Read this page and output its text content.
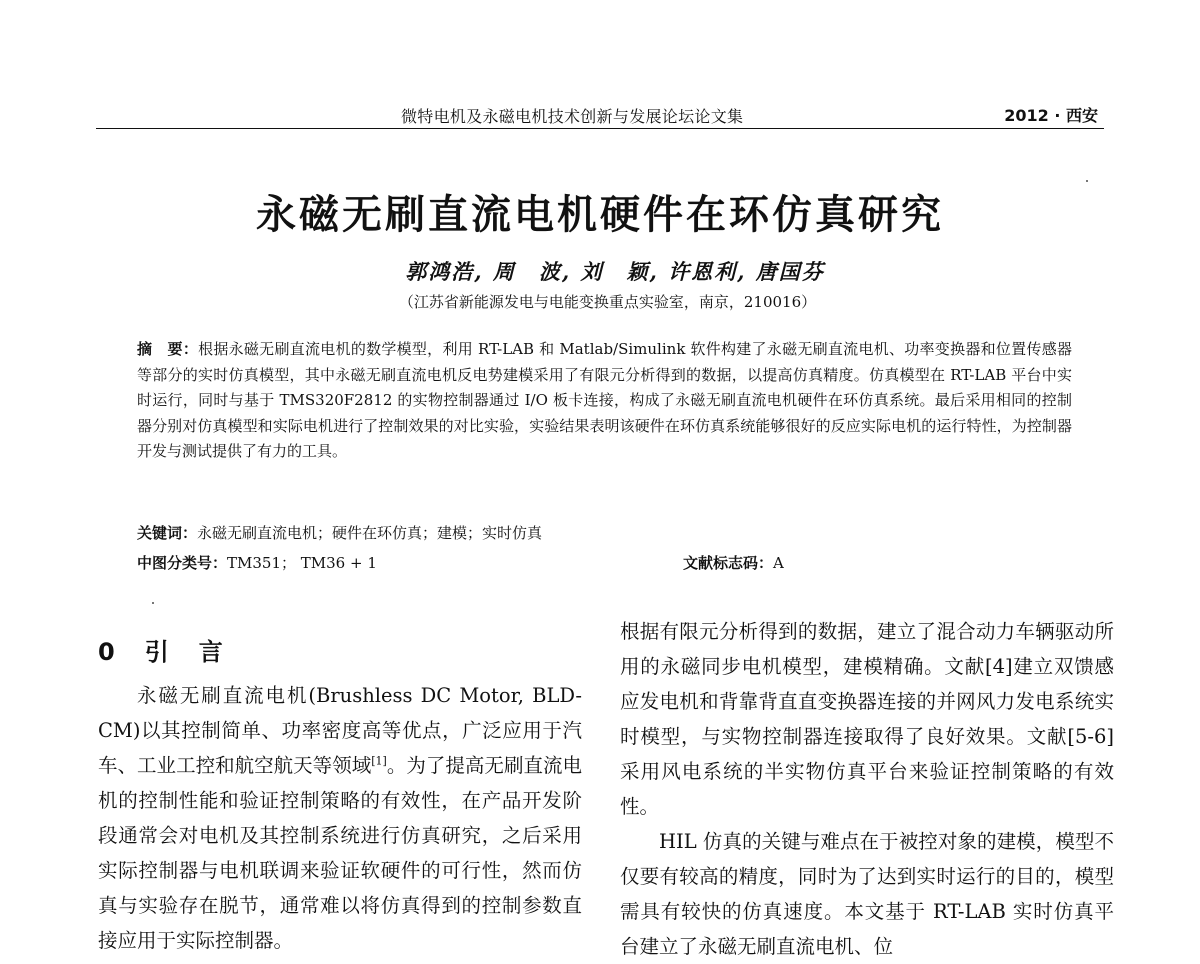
微特电机及永磁电机技术创新与发展论坛论文集	2012 · 西安
永磁无刷直流电机硬件在环仿真研究
郭鸿浩, 周　波, 刘　颖, 许恩利, 唐国芬
（江苏省新能源发电与电能变换重点实验室，南京，210016）
摘　要：根据永磁无刷直流电机的数学模型，利用 RT-LAB 和 Matlab/Simulink 软件构建了永磁无刷直流电机、功率变换器和位置传感器等部分的实时仿真模型，其中永磁无刷直流电机反电势建模采用了有限元分析得到的数据，以提高仿真精度。仿真模型在 RT-LAB 平台中实时运行，同时与基于 TMS320F2812 的实物控制器通过 I/O 板卡连接，构成了永磁无刷直流电机硬件在环仿真系统。最后采用相同的控制器分别对仿真模型和实际电机进行了控制效果的对比实验，实验结果表明该硬件在环仿真系统能够很好的反应实际电机的运行特性，为控制器开发与测试提供了有力的工具。
关键词：永磁无刷直流电机；硬件在环仿真；建模；实时仿真
中图分类号：TM351； TM36 + 1	文献标志码：A
0 引 言

永磁无刷直流电机(Brushless DC Motor, BLD-CM)以其控制简单、功率密度高等优点，广泛应用于汽车、工业工控和航空航天等领域[1]。为了提高无刷直流电机的控制性能和验证控制策略的有效性，在产品开发阶段通常会对电机及其控制系统进行仿真研究，之后采用实际控制器与电机联调来验证软硬件的可行性，然而仿真与实验存在脱节，通常难以将仿真得到的控制参数直接应用于实际控制器。

根据有限元分析得到的数据，建立了混合动力车辆驱动所用的永磁同步电机模型，建模精确。文献[4]建立双馈感应发电机和背靠背直直变换器连接的并网风力发电系统实时模型，与实物控制器连接取得了良好效果。文献[5-6]采用风电系统的半实物仿真平台来验证控制策略的有效性。

HIL 仿真的关键与难点在于被控对象的建模，模型不仅要有较高的精度，同时为了达到实时运行的目的，模型需具有较快的仿真速度。本文基于 RT-LAB 实时仿真平台建立了永磁无刷直流电机、位
